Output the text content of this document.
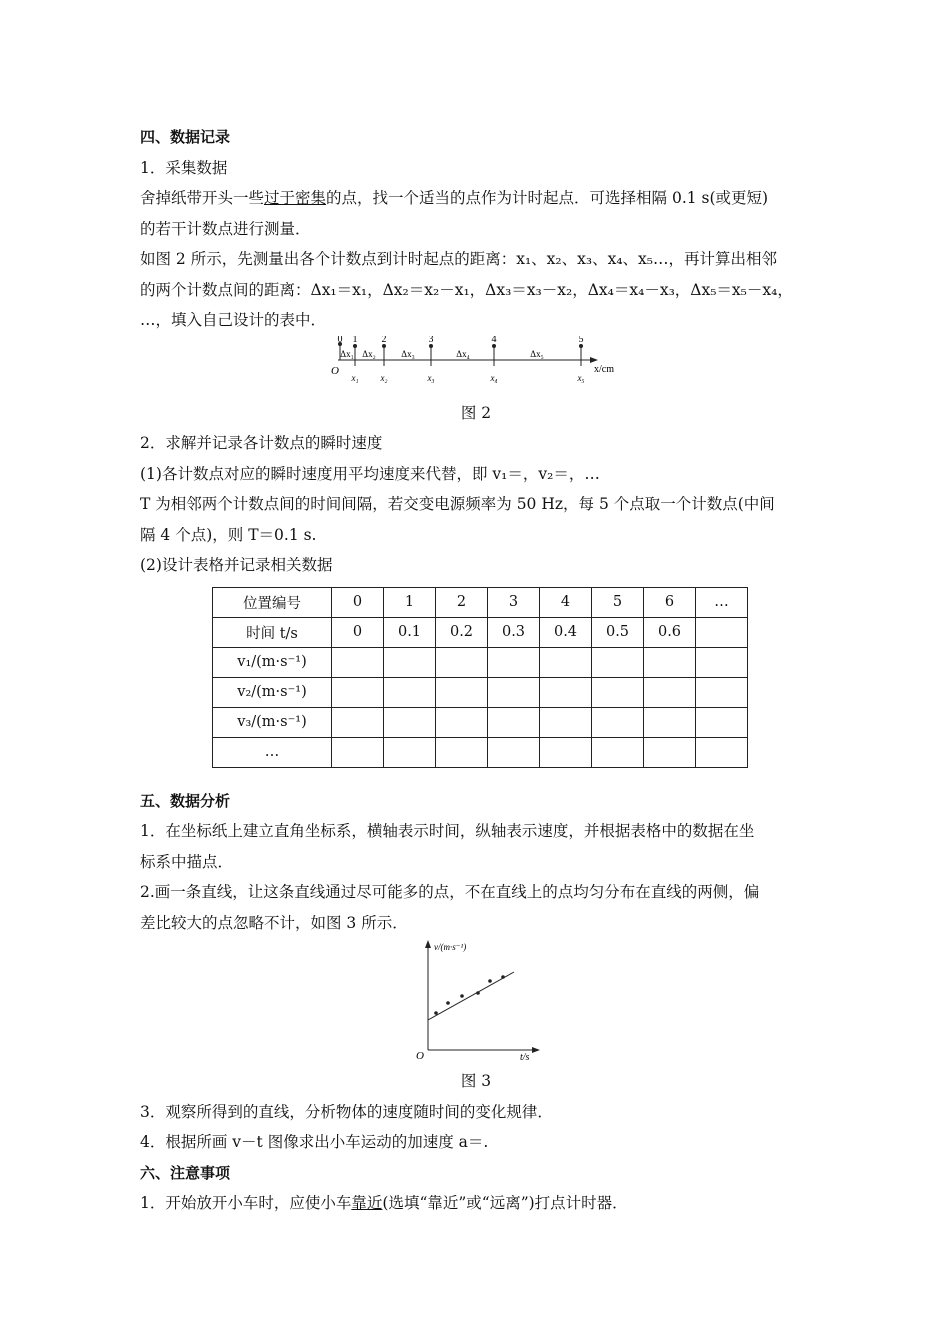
四、数据记录

1．采集数据

舍掉纸带开头一些过于密集的点，找一个适当的点作为计时起点．可选择相隔 0.1 s(或更短)

的若干计数点进行测量．

如图 2 所示，先测量出各个计数点到计时起点的距离：x₁、x₂、x₃、x₄、x₅…，再计算出相邻

的两个计数点间的距离：Δx₁＝x₁，Δx₂＝x₂－x₁，Δx₃＝x₃－x₂，Δx₄＝x₄－x₃，Δx₅＝x₅－x₄，

…，填入自己设计的表中．

0 1 2	3	4	5
Δx₁ Δx₂	Δx₃	Δx₄	Δx₅
O
x₁ x₂	x₃	x₄	x₅
x/cm

图 2

2．求解并记录各计数点的瞬时速度

(1)各计数点对应的瞬时速度用平均速度来代替，即 v₁＝，v₂＝，…

T 为相邻两个计数点间的时间间隔，若交变电源频率为 50 Hz，每 5 个点取一个计数点(中间

隔 4 个点)，则 T＝0.1 s.

(2)设计表格并记录相关数据

位置编号	0	1	2	3	4	5	6	…
时间 t/s	0	0.1	0.2	0.3	0.4	0.5	0.6	
v₁/(m·s⁻¹)								
v₂/(m·s⁻¹)								
v₃/(m·s⁻¹)								
…								

五、数据分析

1．在坐标纸上建立直角坐标系，横轴表示时间，纵轴表示速度，并根据表格中的数据在坐

标系中描点．

2.画一条直线，让这条直线通过尽可能多的点，不在直线上的点均匀分布在直线的两侧，偏

差比较大的点忽略不计，如图 3 所示．

v/(m·s⁻¹)
t/s
O

图 3

3．观察所得到的直线，分析物体的速度随时间的变化规律．

4．根据所画 v－t 图像求出小车运动的加速度 a＝.

六、注意事项

1．开始放开小车时，应使小车靠近(选填“靠近”或“远离”)打点计时器．
